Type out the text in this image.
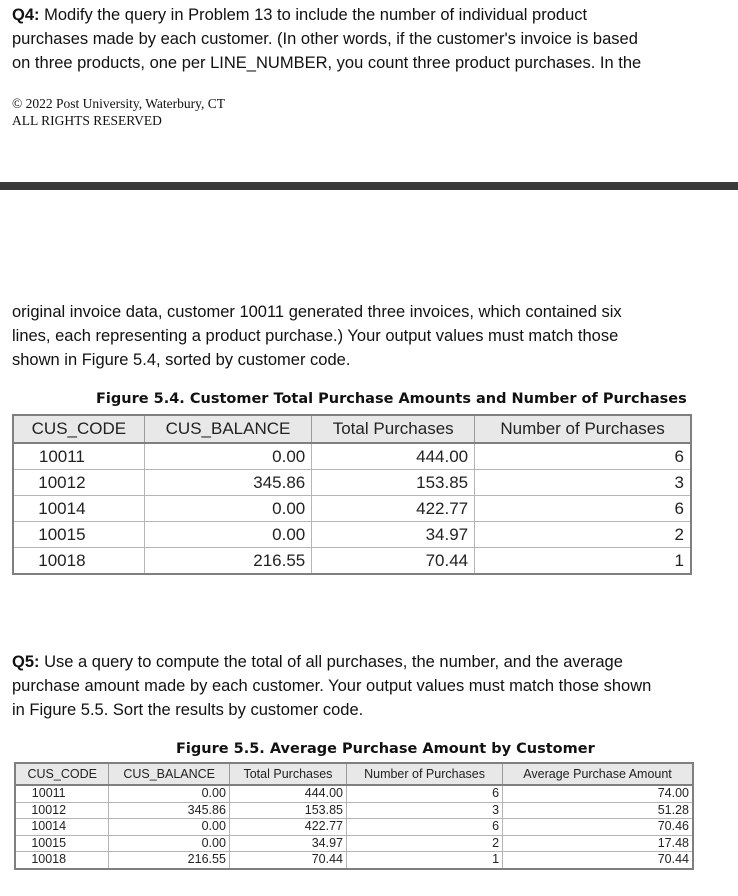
Q4: Modify the query in Problem 13 to include the number of individual product
purchases made by each customer. (In other words, if the customer's invoice is based
on three products, one per LINE_NUMBER, you count three product purchases. In the
© 2022 Post University, Waterbury, CT
ALL RIGHTS RESERVED
original invoice data, customer 10011 generated three invoices, which contained six
lines, each representing a product purchase.) Your output values must match those
shown in Figure 5.4, sorted by customer code.
Figure 5.4. Customer Total Purchase Amounts and Number of Purchases
CUS_CODE	CUS_BALANCE	Total Purchases	Number of Purchases
10011	0.00	444.00	6
10012	345.86	153.85	3
10014	0.00	422.77	6
10015	0.00	34.97	2
10018	216.55	70.44	1
Q5: Use a query to compute the total of all purchases, the number, and the average
purchase amount made by each customer. Your output values must match those shown
in Figure 5.5. Sort the results by customer code.
Figure 5.5. Average Purchase Amount by Customer
CUS_CODE	CUS_BALANCE	Total Purchases	Number of Purchases	Average Purchase Amount
10011	0.00	444.00	6	74.00
10012	345.86	153.85	3	51.28
10014	0.00	422.77	6	70.46
10015	0.00	34.97	2	17.48
10018	216.55	70.44	1	70.44
